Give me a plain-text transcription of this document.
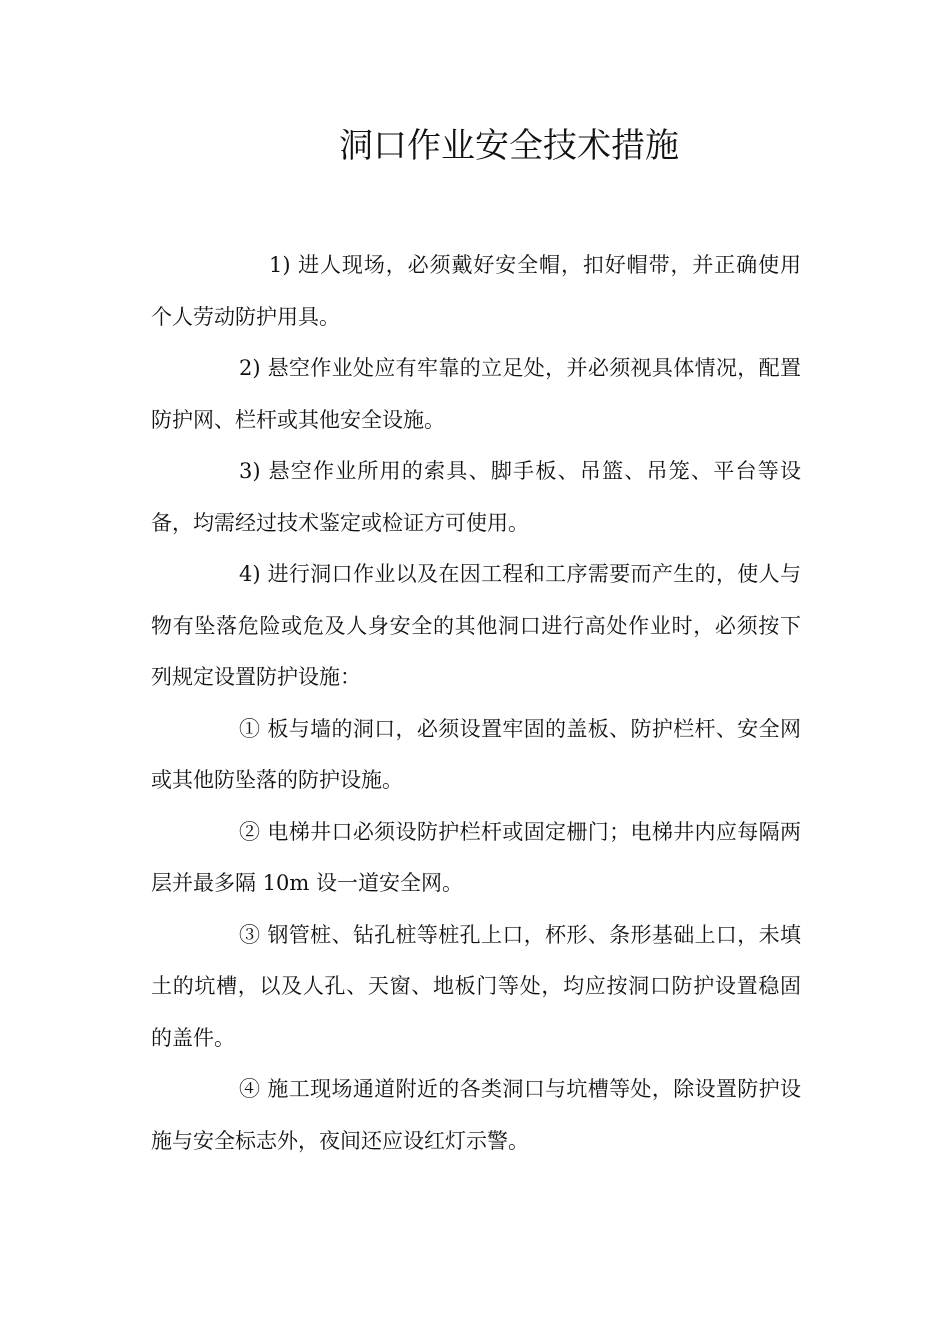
洞口作业安全技术措施

1) 进人现场，必须戴好安全帽，扣好帽带，并正确使用个人劳动防护用具。

2) 悬空作业处应有牢靠的立足处，并必须视具体情况，配置防护网、栏杆或其他安全设施。

3) 悬空作业所用的索具、脚手板、吊篮、吊笼、平台等设备，均需经过技术鉴定或检证方可使用。

4) 进行洞口作业以及在因工程和工序需要而产生的，使人与物有坠落危险或危及人身安全的其他洞口进行高处作业时，必须按下列规定设置防护设施：

① 板与墙的洞口，必须设置牢固的盖板、防护栏杆、安全网或其他防坠落的防护设施。

② 电梯井口必须设防护栏杆或固定栅门；电梯井内应每隔两层并最多隔 10m 设一道安全网。

③ 钢管桩、钻孔桩等桩孔上口，杯形、条形基础上口，未填土的坑槽，以及人孔、天窗、地板门等处，均应按洞口防护设置稳固的盖件。

④ 施工现场通道附近的各类洞口与坑槽等处，除设置防护设施与安全标志外，夜间还应设红灯示警。
